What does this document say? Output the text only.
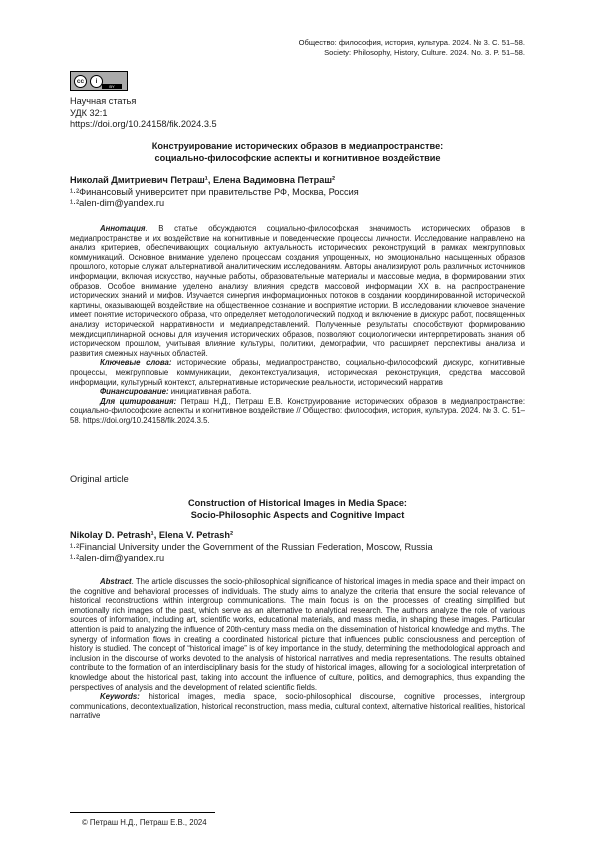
Общество: философия, история, культура. 2024. № 3. С. 51–58.
Society: Philosophy, History, Culture. 2024. No. 3. P. 51–58.
cc	i
BY
Научная статья
УДК 32:1
https://doi.org/10.24158/fik.2024.3.5
Конструирование исторических образов в медиапространстве:
социально-философские аспекты и когнитивное воздействие
Николай Дмитриевич Петраш¹, Елена Вадимовна Петраш²
¹·²Финансовый университет при правительстве РФ, Москва, Россия
¹·²alen-dim@yandex.ru

Аннотация. В статье обсуждаются социально-философская значимость исторических образов в медиапространстве и их воздействие на когнитивные и поведенческие процессы личности. Исследование направлено на анализ критериев, обеспечивающих социальную актуальность исторических реконструкций в рамках межгрупповых коммуникаций. Основное внимание уделено процессам создания упрощенных, но эмоционально насыщенных образов прошлого, которые служат альтернативой аналитическим исследованиям. Авторы анализируют роль различных источников информации, включая искусство, научные работы, образовательные материалы и массовые медиа, в формировании этих образов. Особое внимание уделено анализу влияния средств массовой информации XX в. на распространение исторических знаний и мифов. Изучается синергия информационных потоков в создании координированной исторической картины, оказывающей воздействие на общественное сознание и восприятие истории. В исследовании ключевое значение имеет понятие исторического образа, что определяет методологический подход и включение в дискурс работ, посвященных анализу исторической нарративности и медиапредставлений. Полученные результаты способствуют формированию междисциплинарной основы для изучения исторических образов, позволяют социологически интерпретировать знания об историческом прошлом, учитывая влияние культуры, политики, демографии, что расширяет перспективы анализа и развития смежных научных областей.

Ключевые слова: исторические образы, медиапространство, социально-философский дискурс, когнитивные процессы, межгрупповые коммуникации, деконтекстуализация, историческая реконструкция, средства массовой информации, культурный контекст, альтернативные исторические реальности, исторический нарратив

Финансирование: инициативная работа.

Для цитирования: Петраш Н.Д., Петраш Е.В. Конструирование исторических образов в медиапространстве: социально-философские аспекты и когнитивное воздействие // Общество: философия, история, культура. 2024. № 3. С. 51–58. https://doi.org/10.24158/fik.2024.3.5.

Original article
Construction of Historical Images in Media Space:
Socio-Philosophic Aspects and Cognitive Impact
Nikolay D. Petrash¹, Elena V. Petrash²
¹·²Financial University under the Government of the Russian Federation, Moscow, Russia
¹·²alen-dim@yandex.ru

Abstract. The article discusses the socio-philosophical significance of historical images in media space and their impact on the cognitive and behavioral processes of individuals. The study aims to analyze the criteria that ensure the social relevance of historical reconstructions within intergroup communications. The main focus is on the processes of creating simplified but emotionally rich images of the past, which serve as an alternative to analytical research. The authors analyze the role of various sources of information, including art, scientific works, educational materials, and mass media, in shaping these images. Particular attention is paid to analyzing the influence of 20th-century mass media on the dissemination of historical knowledge and myths. The synergy of information flows in creating a coordinated historical picture that influences public consciousness and perception of history is studied. The concept of “historical image” is of key importance in the study, determining the methodological approach and inclusion in the discourse of works devoted to the analysis of historical narratives and media representations. The results obtained contribute to the formation of an interdisciplinary basis for the study of historical images, allowing for a sociological interpretation of knowledge about the historical past, taking into account the influence of culture, politics, and demographics, thus expanding the perspectives of analysis and the development of related scientific fields.

Keywords: historical images, media space, socio-philosophical discourse, cognitive processes, intergroup communications, decontextualization, historical reconstruction, mass media, cultural context, alternative historical realities, historical narrative

© Петраш Н.Д., Петраш Е.В., 2024
